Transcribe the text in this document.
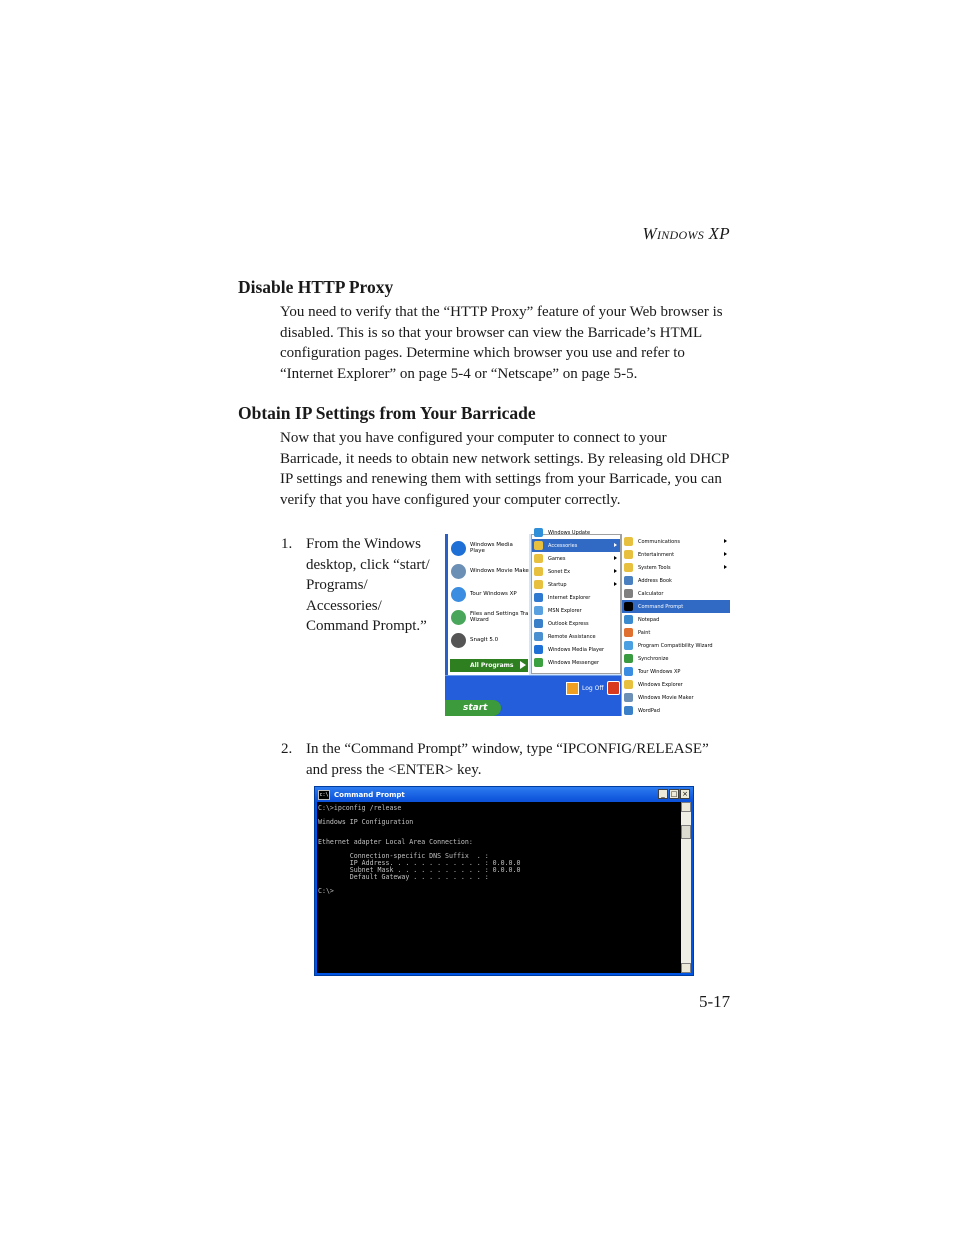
WINDOWS XP
Disable HTTP Proxy
You need to verify that the “HTTP Proxy” feature of your Web browser is
disabled. This is so that your browser can view the Barricade’s HTML
configuration pages. Determine which browser you use and refer to
“Internet Explorer” on page 5-4 or “Netscape” on page 5-5.
Obtain IP Settings from Your Barricade
Now that you have configured your computer to connect to your
Barricade, it needs to obtain new network settings. By releasing old DHCP
IP settings and renewing them with settings from your Barricade, you can
verify that you have configured your computer correctly.
1. From the Windows
desktop, click “start/
Programs/
Accessories/
Command Prompt.”
Windows Media Playe
Windows Movie Make
Tour Windows XP
Files and Settings Tra Wizard
SnagIt 5.0
All Programs
Log Off
start
Windows Update
Accessories
Games
Sonet Ex
Startup
Internet Explorer
MSN Explorer
Outlook Express
Remote Assistance
Windows Media Player
Windows Messenger
Communications
Entertainment
System Tools
Address Book
Calculator
Command Prompt
Notepad
Paint
Program Compatibility Wizard
Synchronize
Tour Windows XP
Windows Explorer
Windows Movie Maker
WordPad
2. In the “Command Prompt” window, type “IPCONFIG/RELEASE”
and press the <ENTER> key.
c:\ Command Prompt	_ □ ×
C:\>ipconfig /release
Windows IP Configuration
Ethernet adapter Local Area Connection:
Connection-specific DNS Suffix  . :
IP Address. . . . . . . . . . . . : 0.0.0.0
Subnet Mask . . . . . . . . . . . : 0.0.0.0
Default Gateway . . . . . . . . . :
C:\>
5-17
